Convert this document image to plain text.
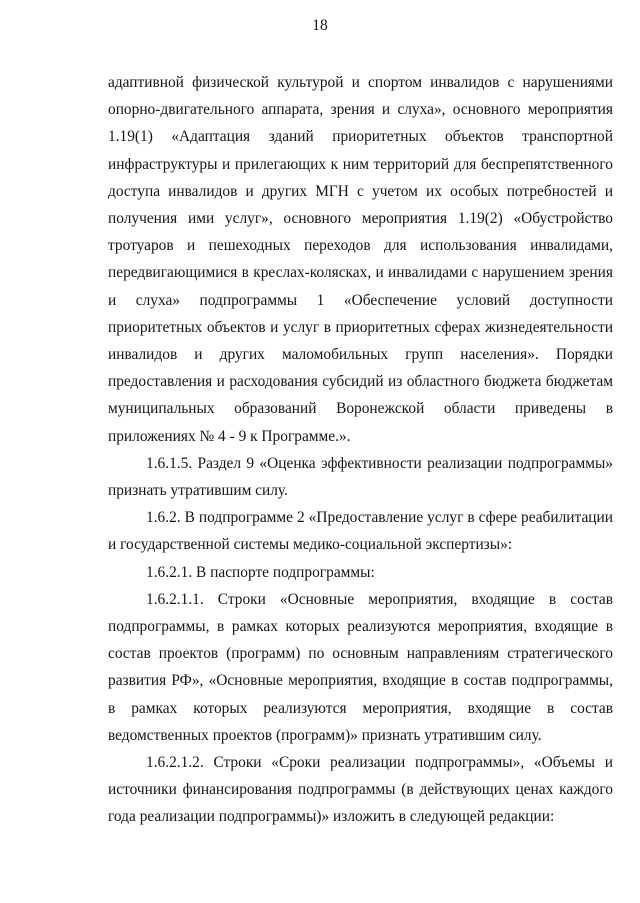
18

адаптивной физической культурой и спортом инвалидов с нарушениями опорно-двигательного аппарата, зрения и слуха», основного мероприятия 1.19(1) «Адаптация зданий приоритетных объектов транспортной инфраструктуры и прилегающих к ним территорий для беспрепятственного доступа инвалидов и других МГН с учетом их особых потребностей и получения ими услуг», основного мероприятия 1.19(2) «Обустройство тротуаров и пешеходных переходов для использования инвалидами, передвигающимися в креслах-колясках, и инвалидами с нарушением зрения и слуха» подпрограммы 1 «Обеспечение условий доступности приоритетных объектов и услуг в приоритетных сферах жизнедеятельности инвалидов и других маломобильных групп населения». Порядки предоставления и расходования субсидий из областного бюджета бюджетам муниципальных образований Воронежской области приведены в приложениях № 4 - 9 к Программе.».

1.6.1.5. Раздел 9 «Оценка эффективности реализации подпрограммы» признать утратившим силу.

1.6.2. В подпрограмме 2 «Предоставление услуг в сфере реабилитации и государственной системы медико-социальной экспертизы»:

1.6.2.1. В паспорте подпрограммы:

1.6.2.1.1. Строки «Основные мероприятия, входящие в состав подпрограммы, в рамках которых реализуются мероприятия, входящие в состав проектов (программ) по основным направлениям стратегического развития РФ», «Основные мероприятия, входящие в состав подпрограммы, в рамках которых реализуются мероприятия, входящие в состав ведомственных проектов (программ)» признать утратившим силу.

1.6.2.1.2. Строки «Сроки реализации подпрограммы», «Объемы и источники финансирования подпрограммы (в действующих ценах каждого года реализации подпрограммы)» изложить в следующей редакции:
